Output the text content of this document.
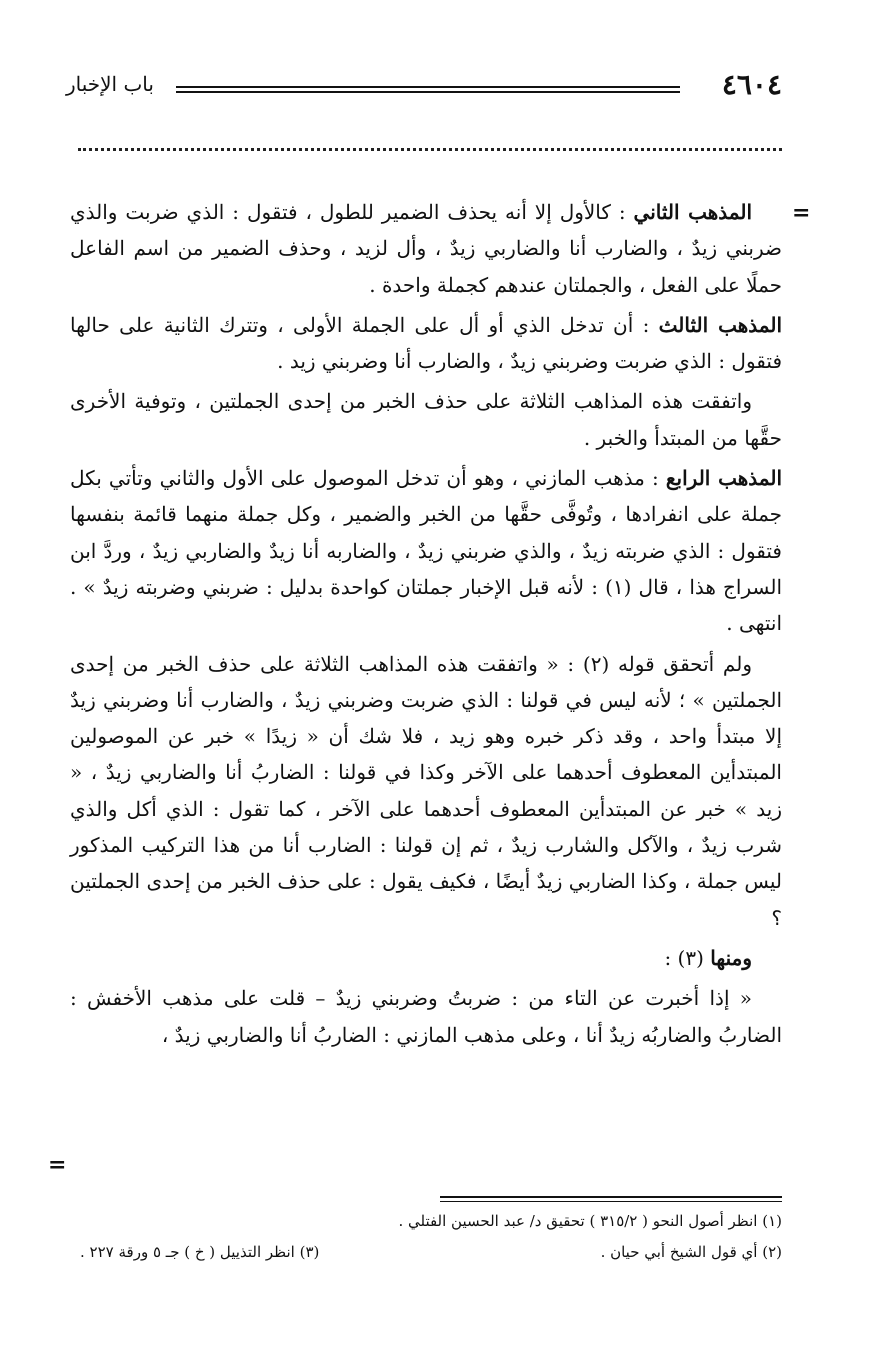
٤٦٠٤
باب الإخبار
=

المذهب الثاني : كالأول إلا أنه يحذف الضمير للطول ، فتقول : الذي ضربت والذي ضربني زيدٌ ، والضارب أنا والضاربي زيدٌ ، وأل لزيد ، وحذف الضمير من اسم الفاعل حملًا على الفعل ، والجملتان عندهم كجملة واحدة .

المذهب الثالث : أن تدخل الذي أو أل على الجملة الأولى ، وتترك الثانية على حالها فتقول : الذي ضربت وضربني زيدٌ ، والضارب أنا وضربني زيد .

واتفقت هذه المذاهب الثلاثة على حذف الخبر من إحدى الجملتين ، وتوفية الأخرى حقَّها من المبتدأ والخبر .

المذهب الرابع : مذهب المازني ، وهو أن تدخل الموصول على الأول والثاني وتأتي بكل جملة على انفرادها ، وتُوفَّى حقَّها من الخبر والضمير ، وكل جملة منهما قائمة بنفسها فتقول : الذي ضربته زيدٌ ، والذي ضربني زيدٌ ، والضاربه أنا زيدٌ والضاربي زيدٌ ، وردَّ ابن السراج هذا ، قال (١) : لأنه قبل الإخبار جملتان كواحدة بدليل : ضربني وضربته زيدٌ » . انتهى .

ولم أتحقق قوله (٢) : « واتفقت هذه المذاهب الثلاثة على حذف الخبر من إحدى الجملتين » ؛ لأنه ليس في قولنا : الذي ضربت وضربني زيدٌ ، والضارب أنا وضربني زيدٌ إلا مبتدأ واحد ، وقد ذكر خبره وهو زيد ، فلا شك أن « زيدًا » خبر عن الموصولين المبتدأين المعطوف أحدهما على الآخر وكذا في قولنا : الضاربُ أنا والضاربي زيدٌ ، « زيد » خبر عن المبتدأين المعطوف أحدهما على الآخر ، كما تقول : الذي أكل والذي شرب زيدٌ ، والآكل والشارب زيدٌ ، ثم إن قولنا : الضارب أنا من هذا التركيب المذكور ليس جملة ، وكذا الضاربي زيدٌ أيضًا ، فكيف يقول : على حذف الخبر من إحدى الجملتين ؟

ومنها (٣) :

« إذا أخبرت عن التاء من : ضربتُ وضربني زيدٌ – قلت على مذهب الأخفش : الضاربُ والضاربُه زيدٌ أنا ، وعلى مذهب المازني : الضاربُ أنا والضاربي زيدٌ ،

=
(١) انظر أصول النحو ( ٣١٥/٢ ) تحقيق د/ عبد الحسين الفتلي .
(٢) أي قول الشيخ أبي حيان .
(٣) انظر التذييل ( خ ) جـ ٥ ورقة ٢٢٧ .
